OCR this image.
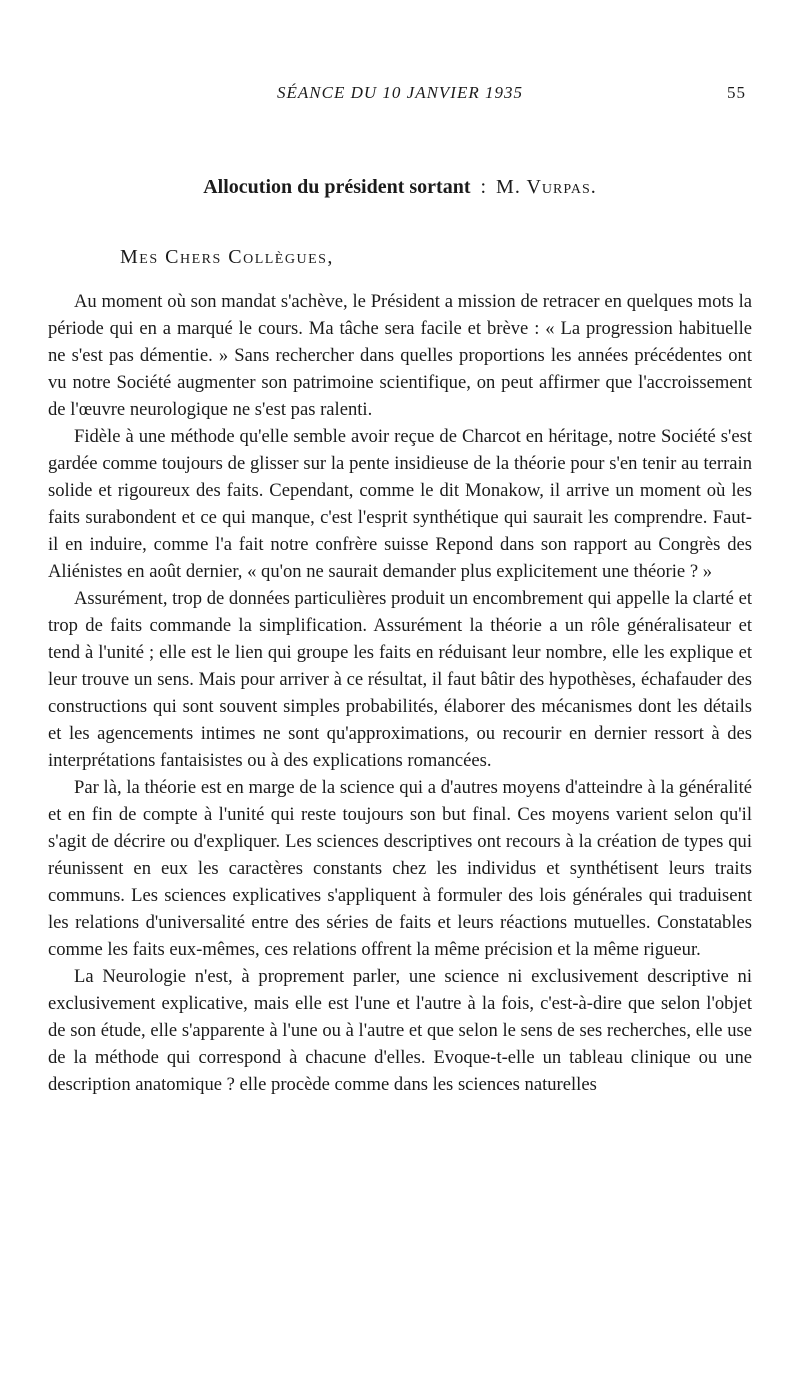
SÉANCE DU 10 JANVIER 1935	55
Allocution du président sortant : M. Vurpas.
Mes Chers Collègues,

Au moment où son mandat s'achève, le Président a mission de retracer en quelques mots la période qui en a marqué le cours. Ma tâche sera facile et brève : « La progression habituelle ne s'est pas démentie. » Sans rechercher dans quelles proportions les années précédentes ont vu notre Société augmenter son patrimoine scientifique, on peut affirmer que l'accroissement de l'œuvre neurologique ne s'est pas ralenti.

Fidèle à une méthode qu'elle semble avoir reçue de Charcot en héritage, notre Société s'est gardée comme toujours de glisser sur la pente insidieuse de la théorie pour s'en tenir au terrain solide et rigoureux des faits. Cependant, comme le dit Monakow, il arrive un moment où les faits surabondent et ce qui manque, c'est l'esprit synthétique qui saurait les comprendre. Faut-il en induire, comme l'a fait notre confrère suisse Repond dans son rapport au Congrès des Aliénistes en août dernier, « qu'on ne saurait demander plus explicitement une théorie ? »

Assurément, trop de données particulières produit un encombrement qui appelle la clarté et trop de faits commande la simplification. Assurément la théorie a un rôle généralisateur et tend à l'unité ; elle est le lien qui groupe les faits en réduisant leur nombre, elle les explique et leur trouve un sens. Mais pour arriver à ce résultat, il faut bâtir des hypothèses, échafauder des constructions qui sont souvent simples probabilités, élaborer des mécanismes dont les détails et les agencements intimes ne sont qu'approximations, ou recourir en dernier ressort à des interprétations fantaisistes ou à des explications romancées.

Par là, la théorie est en marge de la science qui a d'autres moyens d'atteindre à la généralité et en fin de compte à l'unité qui reste toujours son but final. Ces moyens varient selon qu'il s'agit de décrire ou d'expliquer. Les sciences descriptives ont recours à la création de types qui réunissent en eux les caractères constants chez les individus et synthétisent leurs traits communs. Les sciences explicatives s'appliquent à formuler des lois générales qui traduisent les relations d'universalité entre des séries de faits et leurs réactions mutuelles. Constatables comme les faits eux-mêmes, ces relations offrent la même précision et la même rigueur.

La Neurologie n'est, à proprement parler, une science ni exclusivement descriptive ni exclusivement explicative, mais elle est l'une et l'autre à la fois, c'est-à-dire que selon l'objet de son étude, elle s'apparente à l'une ou à l'autre et que selon le sens de ses recherches, elle use de la méthode qui correspond à chacune d'elles. Evoque-t-elle un tableau clinique ou une description anatomique ? elle procède comme dans les sciences naturelles
